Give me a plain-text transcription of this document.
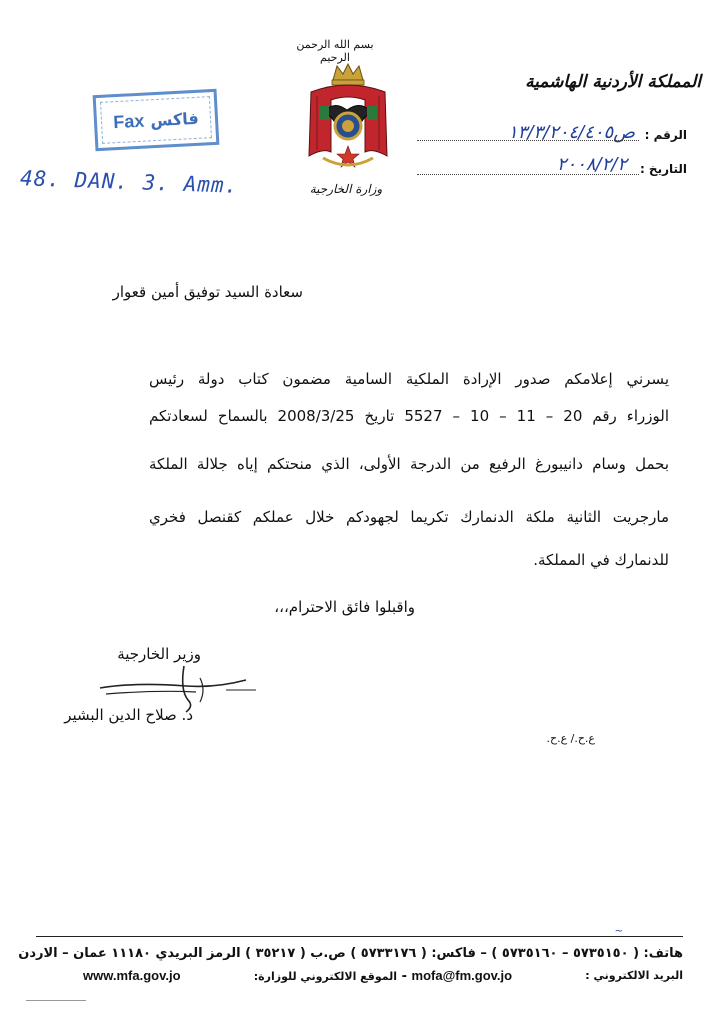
بسم الله الرحمن الرحيم
وزارة الخارجية
المملكة الأردنية الهاشمية
الرقم :
ص١٣/٣/٢٠٤/٤٠٥
التاريخ :
٢٠٠٨/٢/٢
Fax فاكس
48. DAN. 3. Amm.
سعادة السيد توفيق أمين قعوار
يسرني إعلامكم صدور الإرادة الملكية السامية مضمون كتاب دولة رئيس
الوزراء رقم 20 – 11 – 10 – 5527 تاريخ 2008/3/25 بالسماح لسعادتكم
بحمل وسام دانيبورغ الرفيع من الدرجة الأولى، الذي منحتكم إياه جلالة الملكة
مارجريت الثانية ملكة الدنمارك تكريما لجهودكم خلال عملكم كقنصل فخري
للدنمارك في المملكة.
واقبلوا فائق الاحترام،،،
وزير الخارجية
د. صلاح الدين البشير
ع.ح./ ع.ح.
~
هاتف: ( ٥٧٣٥١٥٠ – ٥٧٣٥١٦٠ ) – فاكس: ( ٥٧٣٣١٧٦ ) ص.ب ( ٣٥٢١٧ ) الرمز البريدي ١١١٨٠ عمان – الاردن
البريد الالكتروني :
mofa@fm.gov.jo - الموقع الالكتروني للوزارة:
www.mfa.gov.jo
